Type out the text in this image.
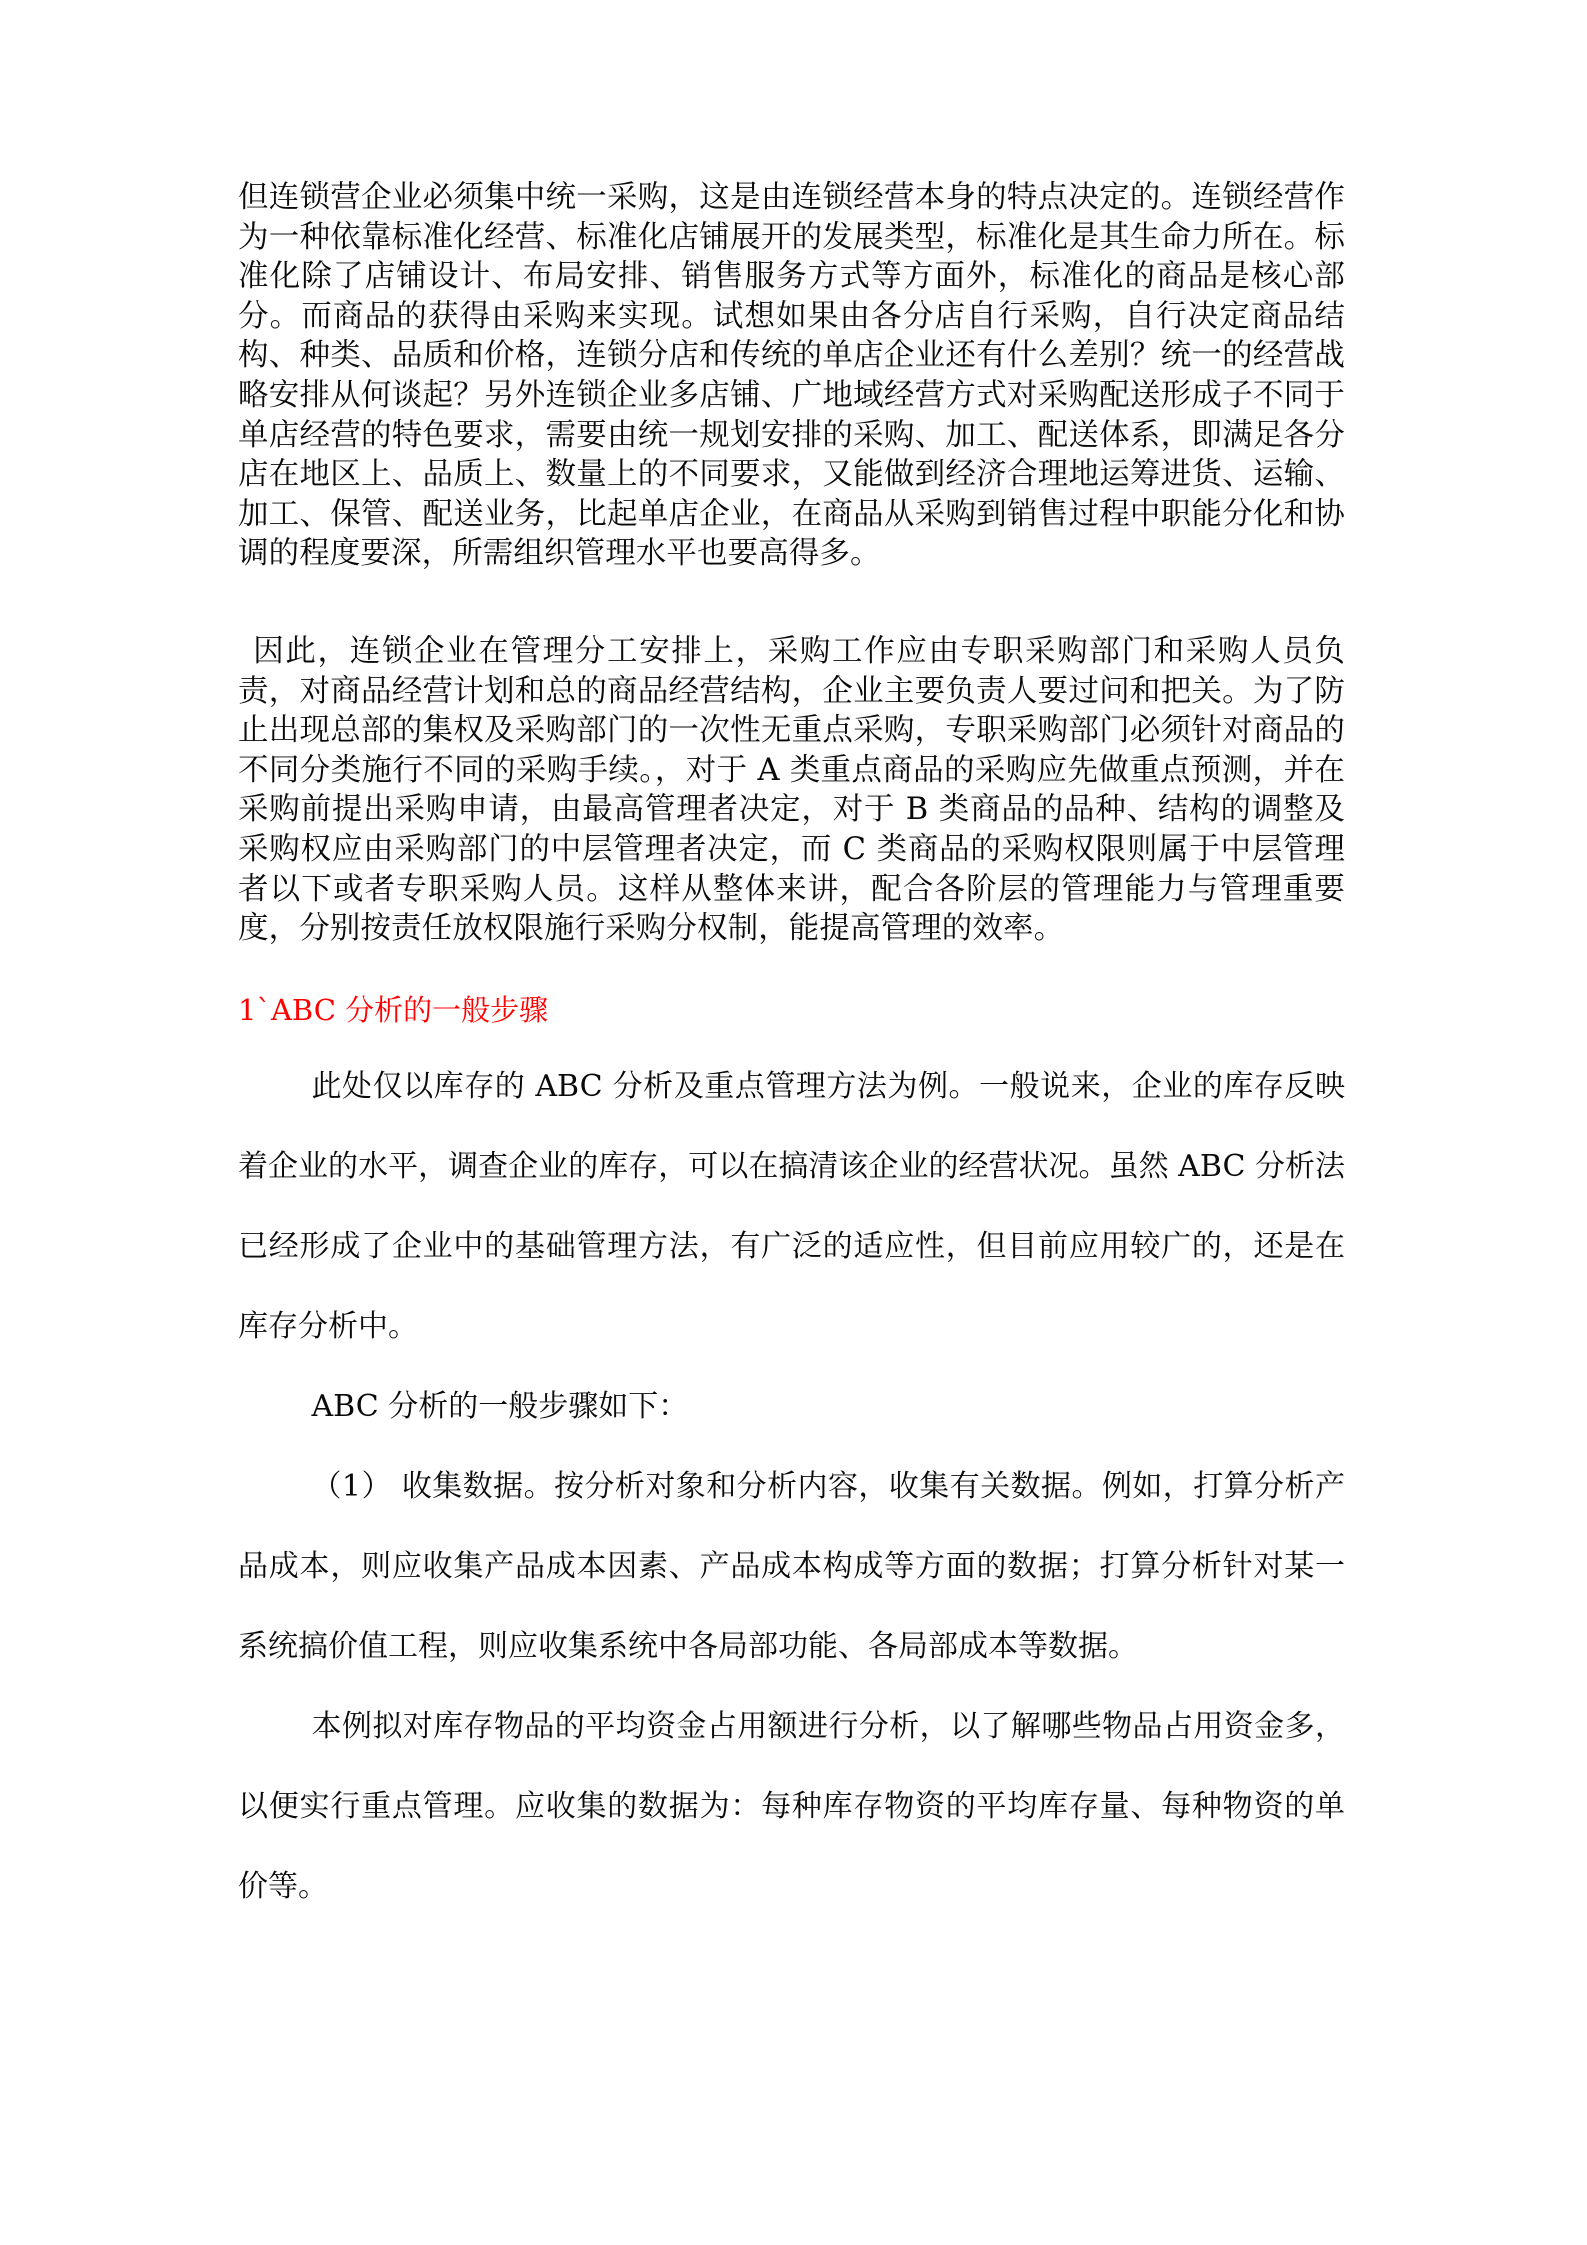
但连锁营企业必须集中统一采购，这是由连锁经营本身的特点决定的。连锁经营作为一种依靠标准化经营、标准化店铺展开的发展类型，标准化是其生命力所在。标准化除了店铺设计、布局安排、销售服务方式等方面外，标准化的商品是核心部分。而商品的获得由采购来实现。试想如果由各分店自行采购，自行决定商品结构、种类、品质和价格，连锁分店和传统的单店企业还有什么差别？统一的经营战略安排从何谈起？另外连锁企业多店铺、广地域经营方式对采购配送形成子不同于单店经营的特色要求，需要由统一规划安排的采购、加工、配送体系，即满足各分店在地区上、品质上、数量上的不同要求，又能做到经济合理地运筹进货、运输、加工、保管、配送业务，比起单店企业，在商品从采购到销售过程中职能分化和协调的程度要深，所需组织管理水平也要高得多。

因此，连锁企业在管理分工安排上，采购工作应由专职采购部门和采购人员负责，对商品经营计划和总的商品经营结构，企业主要负责人要过问和把关。为了防止出现总部的集权及采购部门的一次性无重点采购，专职采购部门必须针对商品的不同分类施行不同的采购手续。，对于 A 类重点商品的采购应先做重点预测，并在采购前提出采购申请，由最高管理者决定，对于 B 类商品的品种、结构的调整及采购权应由采购部门的中层管理者决定，而 C 类商品的采购权限则属于中层管理者以下或者专职采购人员。这样从整体来讲，配合各阶层的管理能力与管理重要度，分别按责任放权限施行采购分权制，能提高管理的效率。

1`ABC 分析的一般步骤

此处仅以库存的 ABC 分析及重点管理方法为例。一般说来，企业的库存反映着企业的水平，调查企业的库存，可以在搞清该企业的经营状况。虽然 ABC 分析法已经形成了企业中的基础管理方法，有广泛的适应性，但目前应用较广的，还是在库存分析中。

ABC 分析的一般步骤如下：

（1） 收集数据。按分析对象和分析内容，收集有关数据。例如，打算分析产品成本，则应收集产品成本因素、产品成本构成等方面的数据；打算分析针对某一系统搞价值工程，则应收集系统中各局部功能、各局部成本等数据。

本例拟对库存物品的平均资金占用额进行分析，以了解哪些物品占用资金多，以便实行重点管理。应收集的数据为：每种库存物资的平均库存量、每种物资的单价等。
